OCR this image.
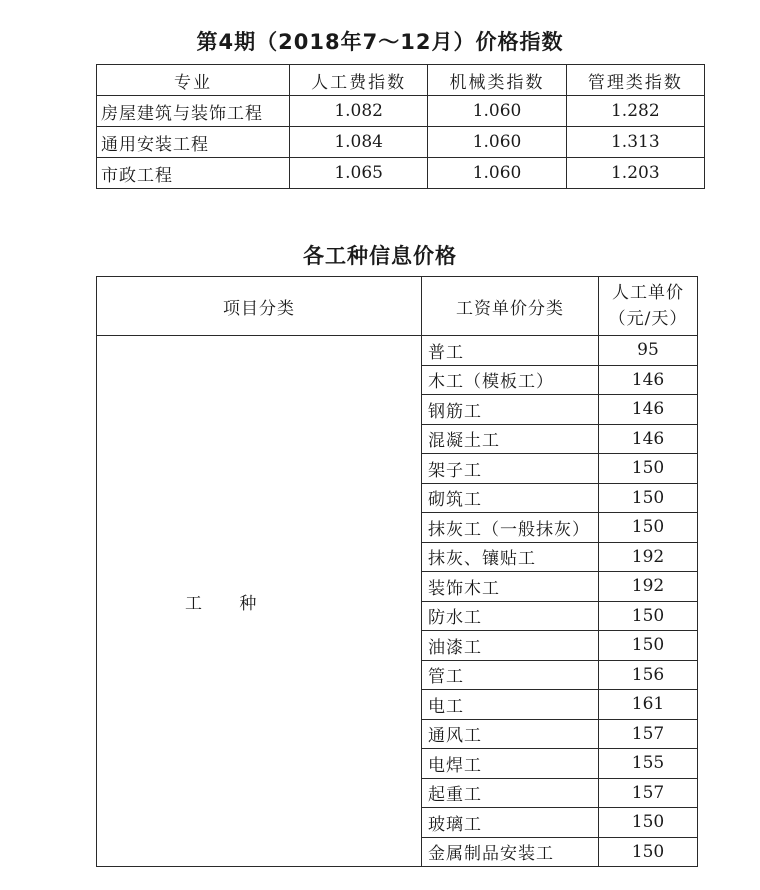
第4期（2018年7～12月）价格指数
专业	人工费指数	机械类指数	管理类指数
房屋建筑与装饰工程	1.082	1.060	1.282
通用安装工程	1.084	1.060	1.313
市政工程	1.065	1.060	1.203
各工种信息价格
项目分类	工资单价分类	人工单价
（元/天）

工 种	普工	95
	木工（模板工）	146
	钢筋工	146
	混凝土工	146
	架子工	150
	砌筑工	150
	抹灰工（一般抹灰）	150
	抹灰、镶贴工	192
	装饰木工	192
	防水工	150
	油漆工	150
	管工	156
	电工	161
	通风工	157
	电焊工	155
	起重工	157
	玻璃工	150
	金属制品安装工	150
